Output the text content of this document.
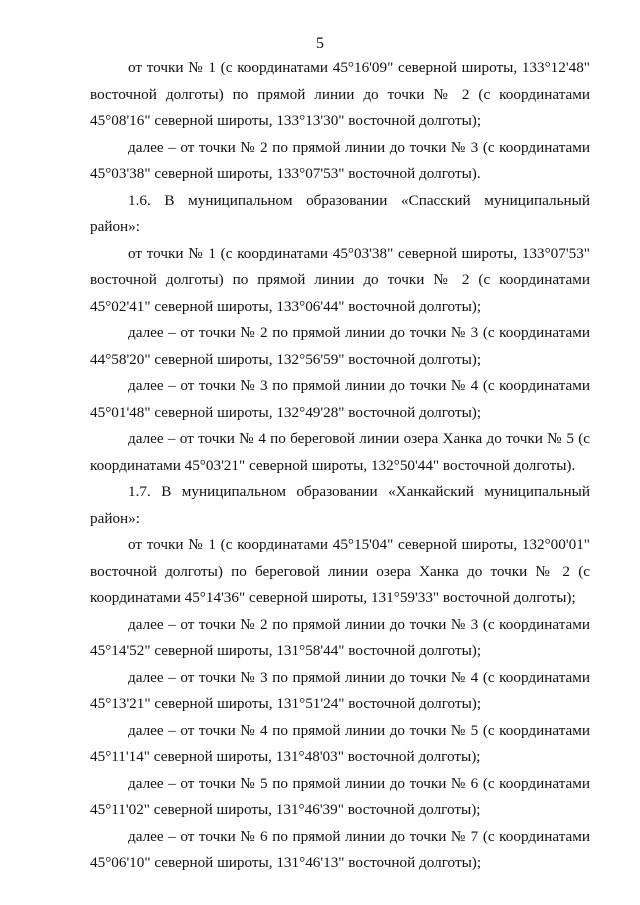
5

от точки № 1 (с координатами 45°16'09" северной широты, 133°12'48" восточной долготы) по прямой линии до точки № 2 (с координатами 45°08'16" северной широты, 133°13'30" восточной долготы);

далее – от точки № 2 по прямой линии до точки № 3 (с координатами 45°03'38" северной широты, 133°07'53" восточной долготы).

1.6. В муниципальном образовании «Спасский муниципальный район»:

от точки № 1 (с координатами 45°03'38" северной широты, 133°07'53" восточной долготы) по прямой линии до точки № 2 (с координатами 45°02'41" северной широты, 133°06'44" восточной долготы);

далее – от точки № 2 по прямой линии до точки № 3 (с координатами 44°58'20" северной широты, 132°56'59" восточной долготы);

далее – от точки № 3 по прямой линии до точки № 4 (с координатами 45°01'48" северной широты, 132°49'28" восточной долготы);

далее – от точки № 4 по береговой линии озера Ханка до точки № 5 (с координатами 45°03'21" северной широты, 132°50'44" восточной долготы).

1.7. В муниципальном образовании «Ханкайский муниципальный район»:

от точки № 1 (с координатами 45°15'04" северной широты, 132°00'01" восточной долготы) по береговой линии озера Ханка до точки № 2 (с координатами 45°14'36" северной широты, 131°59'33" восточной долготы);

далее – от точки № 2 по прямой линии до точки № 3 (с координатами 45°14'52" северной широты, 131°58'44" восточной долготы);

далее – от точки № 3 по прямой линии до точки № 4 (с координатами 45°13'21" северной широты, 131°51'24" восточной долготы);

далее – от точки № 4 по прямой линии до точки № 5 (с координатами 45°11'14" северной широты, 131°48'03" восточной долготы);

далее – от точки № 5 по прямой линии до точки № 6 (с координатами 45°11'02" северной широты, 131°46'39" восточной долготы);

далее – от точки № 6 по прямой линии до точки № 7 (с координатами 45°06'10" северной широты, 131°46'13" восточной долготы);
